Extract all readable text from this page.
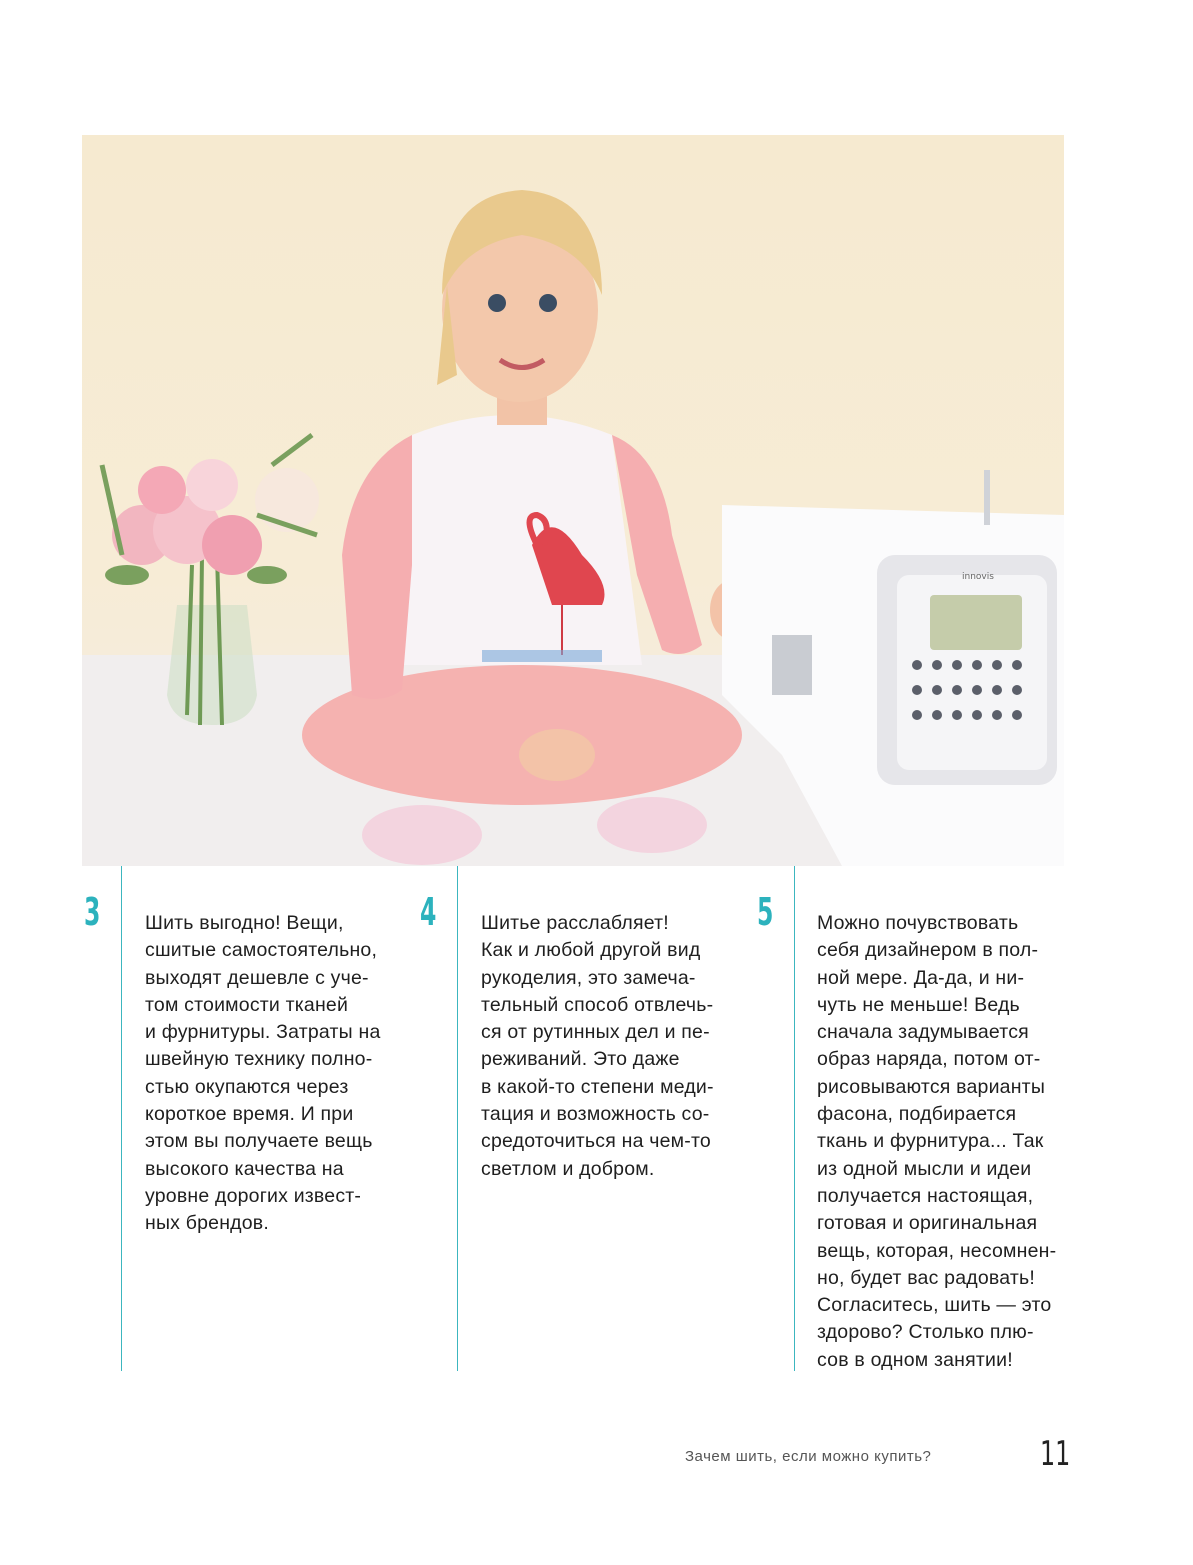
innovis
3 Шить выгодно! Вещи,
сшитые самостоятельно,
выходят дешевле с уче-
том стоимости тканей
и фурнитуры. Затраты на
швейную технику полно-
стью окупаются через
короткое время. И при
этом вы получаете вещь
высокого качества на
уровне дорогих извест-
ных брендов.
4 Шитье расслабляет!
Как и любой другой вид
рукоделия, это замеча-
тельный способ отвлечь-
ся от рутинных дел и пе-
реживаний. Это даже
в какой-то степени меди-
тация и возможность со-
средоточиться на чем-то
светлом и добром.
5 Можно почувствовать
себя дизайнером в пол-
ной мере. Да-да, и ни-
чуть не меньше! Ведь
сначала задумывается
образ наряда, потом от-
рисовываются варианты
фасона, подбирается
ткань и фурнитура... Так
из одной мысли и идеи
получается настоящая,
готовая и оригинальная
вещь, которая, несомнен-
но, будет вас радовать!
Согласитесь, шить — это
здорово? Столько плю-
сов в одном занятии!
Зачем шить, если можно купить?	11
